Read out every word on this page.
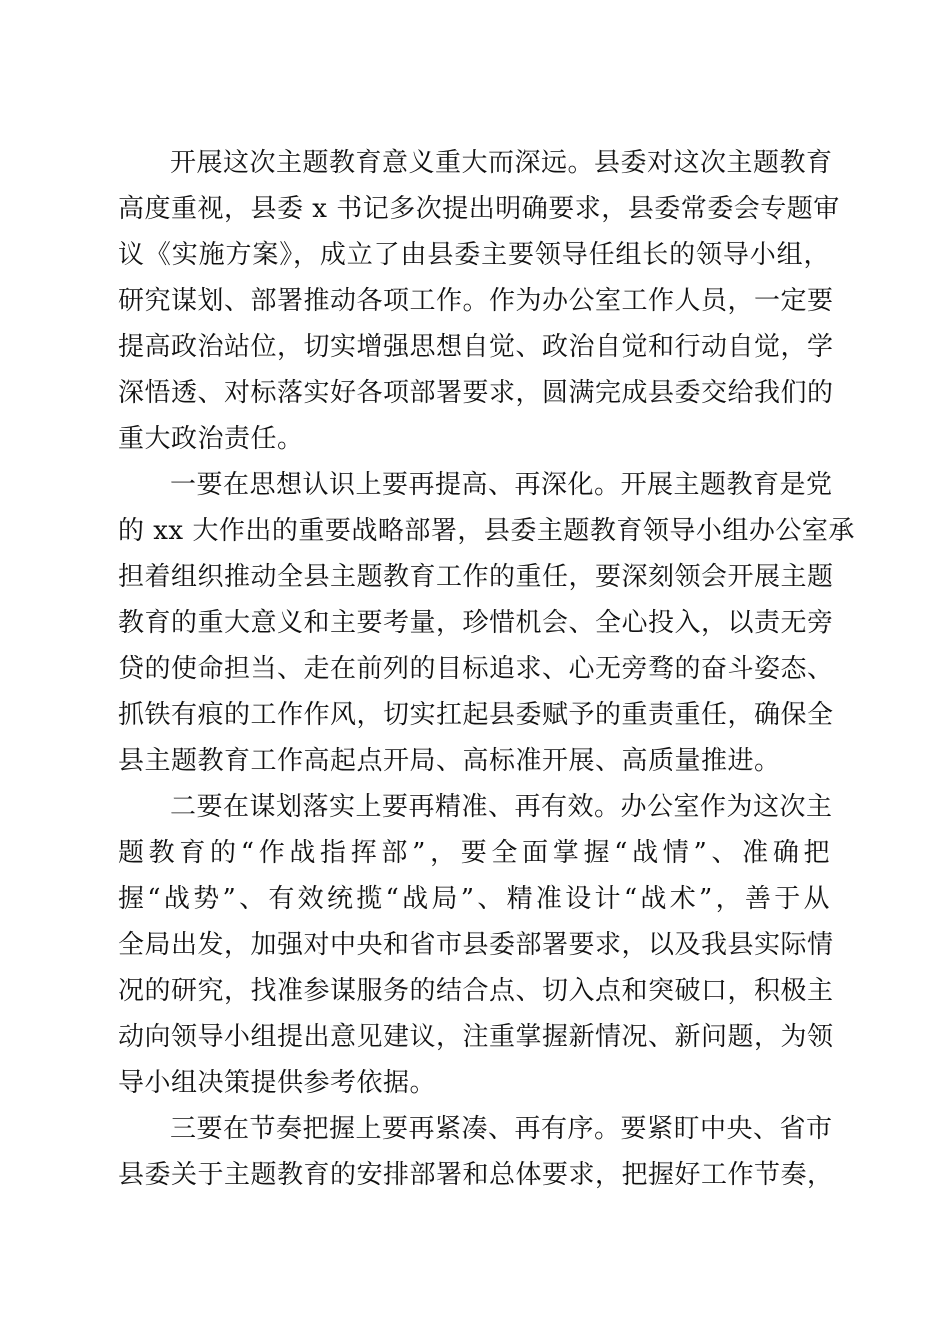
开展这次主题教育意义重大而深远。县委对这次主题教育
高度重视，县委 x 书记多次提出明确要求，县委常委会专题审
议《实施方案》，成立了由县委主要领导任组长的领导小组，
研究谋划、部署推动各项工作。作为办公室工作人员，一定要
提高政治站位，切实增强思想自觉、政治自觉和行动自觉，学
深悟透、对标落实好各项部署要求，圆满完成县委交给我们的
重大政治责任。
一要在思想认识上要再提高、再深化。开展主题教育是党
的 xx 大作出的重要战略部署，县委主题教育领导小组办公室承
担着组织推动全县主题教育工作的重任，要深刻领会开展主题
教育的重大意义和主要考量，珍惜机会、全心投入，以责无旁
贷的使命担当、走在前列的目标追求、心无旁骛的奋斗姿态、
抓铁有痕的工作作风，切实扛起县委赋予的重责重任，确保全
县主题教育工作高起点开局、高标准开展、高质量推进。
二要在谋划落实上要再精准、再有效。办公室作为这次主
题教育的“作战指挥部”，要全面掌握“战情”、准确把
握“战势”、有效统揽“战局”、精准设计“战术”，善于从
全局出发，加强对中央和省市县委部署要求，以及我县实际情
况的研究，找准参谋服务的结合点、切入点和突破口，积极主
动向领导小组提出意见建议，注重掌握新情况、新问题，为领
导小组决策提供参考依据。
三要在节奏把握上要再紧凑、再有序。要紧盯中央、省市
县委关于主题教育的安排部署和总体要求，把握好工作节奏，
